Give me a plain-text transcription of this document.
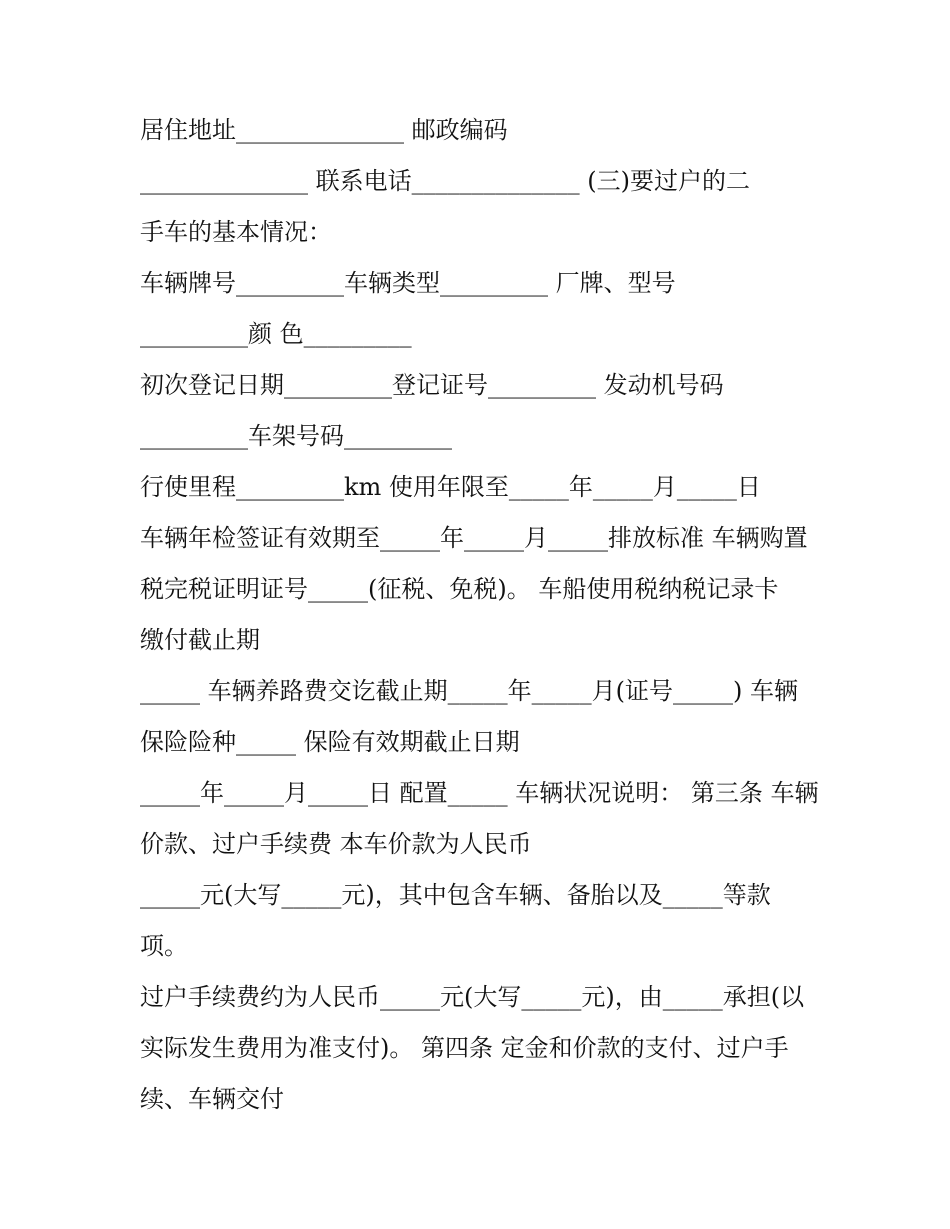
居住地址______________ 邮政编码
______________ 联系电话______________ (三)要过户的二
手车的基本情况：
车辆牌号_________车辆类型_________ 厂牌、型号
_________颜 色_________
初次登记日期_________登记证号_________ 发动机号码
_________车架号码_________
行使里程_________km 使用年限至_____年_____月_____日
车辆年检签证有效期至_____年_____月_____排放标准 车辆购置
税完税证明证号_____(征税、免税)。 车船使用税纳税记录卡
缴付截止期
_____ 车辆养路费交讫截止期_____年_____月(证号_____) 车辆
保险险种_____ 保险有效期截止日期
_____年_____月_____日 配置_____ 车辆状况说明： 第三条 车辆
价款、过户手续费 本车价款为人民币
_____元(大写_____元)，其中包含车辆、备胎以及_____等款
项。
过户手续费约为人民币_____元(大写_____元)，由_____承担(以
实际发生费用为准支付)。 第四条 定金和价款的支付、过户手
续、车辆交付
